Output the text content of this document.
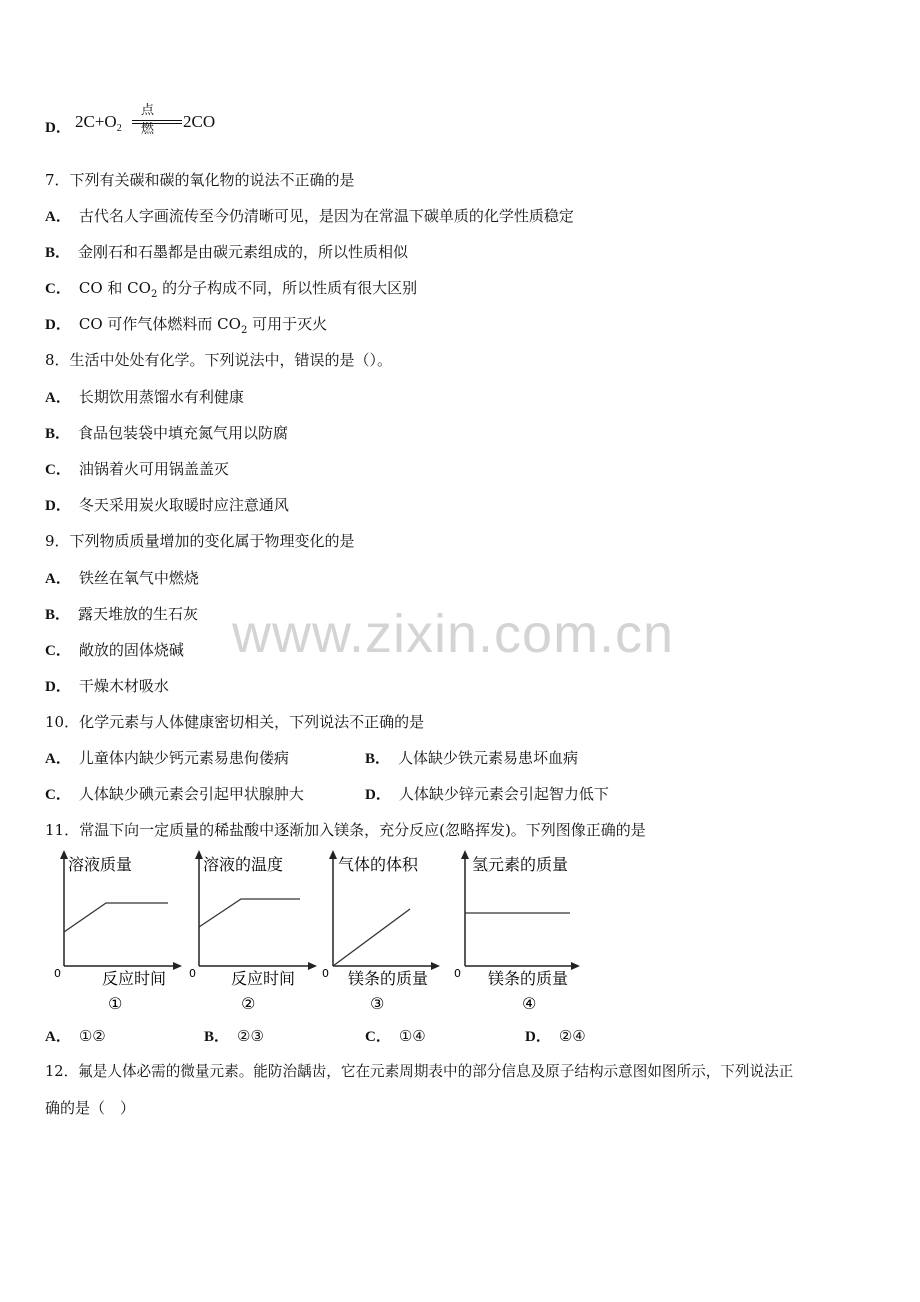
D． $2C+O_2$
点燃 2CO
7．下列有关碳和碳的氧化物的说法不正确的是
A． 古代名人字画流传至今仍清晰可见，是因为在常温下碳单质的化学性质稳定
B． 金刚石和石墨都是由碳元素组成的，所以性质相似
C． CO 和 $CO_2$ 的分子构成不同，所以性质有很大区别
D． CO 可作气体燃料而 $CO_2$ 可用于灭火
8．生活中处处有化学。下列说法中，错误的是（）。
A． 长期饮用蒸馏水有利健康
B． 食品包装袋中填充氮气用以防腐
C． 油锅着火可用锅盖盖灭
D． 冬天采用炭火取暖时应注意通风
9．下列物质质量增加的变化属于物理变化的是
A． 铁丝在氧气中燃烧
B． 露天堆放的生石灰
C． 敞放的固体烧碱
D． 干燥木材吸水
www.zixin.com.cn
10．化学元素与人体健康密切相关，下列说法不正确的是
A． 儿童体内缺少钙元素易患佝偻病	B． 人体缺少铁元素易患坏血病
C． 人体缺少碘元素会引起甲状腺肿大	D． 人体缺少锌元素会引起智力低下
11．常温下向一定质量的稀盐酸中逐渐加入镁条，充分反应(忽略挥发)。下列图像正确的是
溶液质量
0	反应时间
①
溶液的温度
0 反应时间
②
气体的体积
0 镁条的质量
③
氢元素的质量
0 镁条的质量
④
A． ①②	B． ②③	C． ①④	D． ②④
12．氟是人体必需的微量元素。能防治龋齿，它在元素周期表中的部分信息及原子结构示意图如图所示，下列说法正
确的是（　）
